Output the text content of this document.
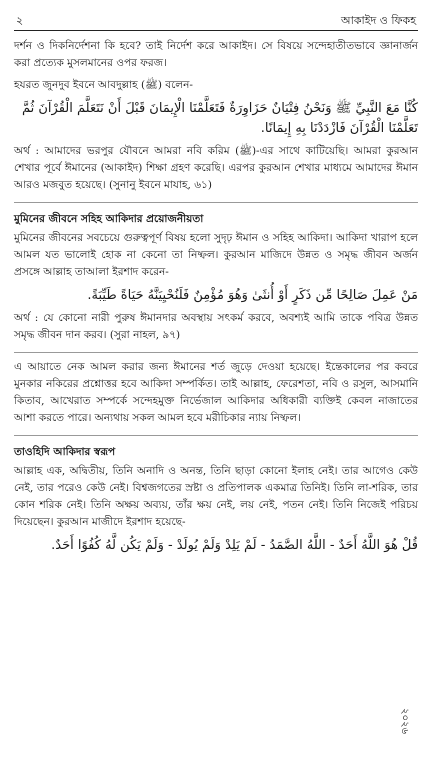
২	আকাইদ ও ফিকহ

দর্শন ও দিকনির্দেশনা কি হবে? তাই নির্দেশ করে আকাইদ। সে বিষয়ে সন্দেহাতীতভাবে জ্ঞানার্জন করা প্রত্যেক মুসলমানের ওপর ফরজ।

হযরত জুনদুব ইবনে আবদুল্লাহ (ﷺ) বলেন-

كُنَّا مَعَ النَّبِيِّ ﷺ وَنَحْنُ فِتْيَانٌ حَزَاوِرَةٌ فَتَعَلَّمْنَا الْإِيمَانَ قَبْلَ أَنْ نَتَعَلَّمَ الْقُرْآنَ ثُمَّ تَعَلَّمْنَا الْقُرْآنَ فَازْدَدْنَا بِهِ إِيمَانًا.

অর্থ : আমাদের ভরপুর যৌবনে আমরা নবি করিম (ﷺ)-এর সাথে কাটিয়েছি। আমরা কুরআন শেখার পূর্বে ঈমানের (আকাইদ) শিক্ষা গ্রহণ করেছি। এরপর কুরআন শেখার মাধ্যমে আমাদের ঈমান আরও মজবুত হয়েছে। (সুনানু ইবনে মাযাহ, ৬১)

মুমিনের জীবনে সহিহ আকিদার প্রয়োজনীয়তা

মুমিনের জীবনের সবচেয়ে গুরুত্বপূর্ণ বিষয় হলো সুদৃঢ় ঈমান ও সহিহ আকিদা। আকিদা খারাপ হলে আমল যত ভালোই হোক না কেনো তা নিষ্ফল। কুরআন মাজিদে উন্নত ও সমৃদ্ধ জীবন অর্জন প্রসঙ্গে আল্লাহ তাআলা ইরশাদ করেন-

مَنْ عَمِلَ صَالِحًا مِّن ذَكَرٍ أَوْ أُنثَىٰ وَهُوَ مُؤْمِنٌ فَلَنُحْيِيَنَّهُ حَيَاةً طَيِّبَةً.

অর্থ : যে কোনো নারী পুরুষ ঈমানদার অবস্থায় সৎকর্ম করবে, অবশ্যই আমি তাকে পবিত্র উন্নত সমৃদ্ধ জীবন দান করব। (সুরা নাহল, ৯৭)

এ আয়াতে নেক আমল করার জন্য ঈমানের শর্ত জুড়ে দেওয়া হয়েছে। ইন্তেকালের পর কবরে মুনকার নকিরের প্রশ্নোত্তর হবে আকিদা সম্পর্কিত। তাই আল্লাহ, ফেরেশতা, নবি ও রসুল, আসমানি কিতাব, আখেরাত সম্পর্কে সন্দেহমুক্ত নির্ভেজাল আকিদার অধিকারী ব্যক্তিই কেবল নাজাতের আশা করতে পারে। অন্যথায় সকল আমল হবে মরীচিকার ন্যায় নিষ্ফল।

তাওহিদি আকিদার স্বরূপ

আল্লাহ এক, অদ্বিতীয়, তিনি অনাদি ও অনন্ত, তিনি ছাড়া কোনো ইলাহ নেই। তার আগেও কেউ নেই, তার পরেও কেউ নেই। বিশ্বজগতের স্রষ্টা ও প্রতিপালক একমাত্র তিনিই। তিনি লা-শরিক, তার কোন শরিক নেই। তিনি অক্ষয় অব্যয়, তাঁর ক্ষয় নেই, লয় নেই, পতন নেই। তিনি নিজেই পরিচয় দিয়েছেন। কুরআন মাজীদে ইরশাদ হয়েছে-

قُلْ هُوَ اللَّهُ أَحَدٌ - اللَّهُ الصَّمَدُ - لَمْ يَلِدْ وَلَمْ يُولَدْ - وَلَمْ يَكُن لَّهُ كُفُوًا أَحَدٌ.
২০২৬
